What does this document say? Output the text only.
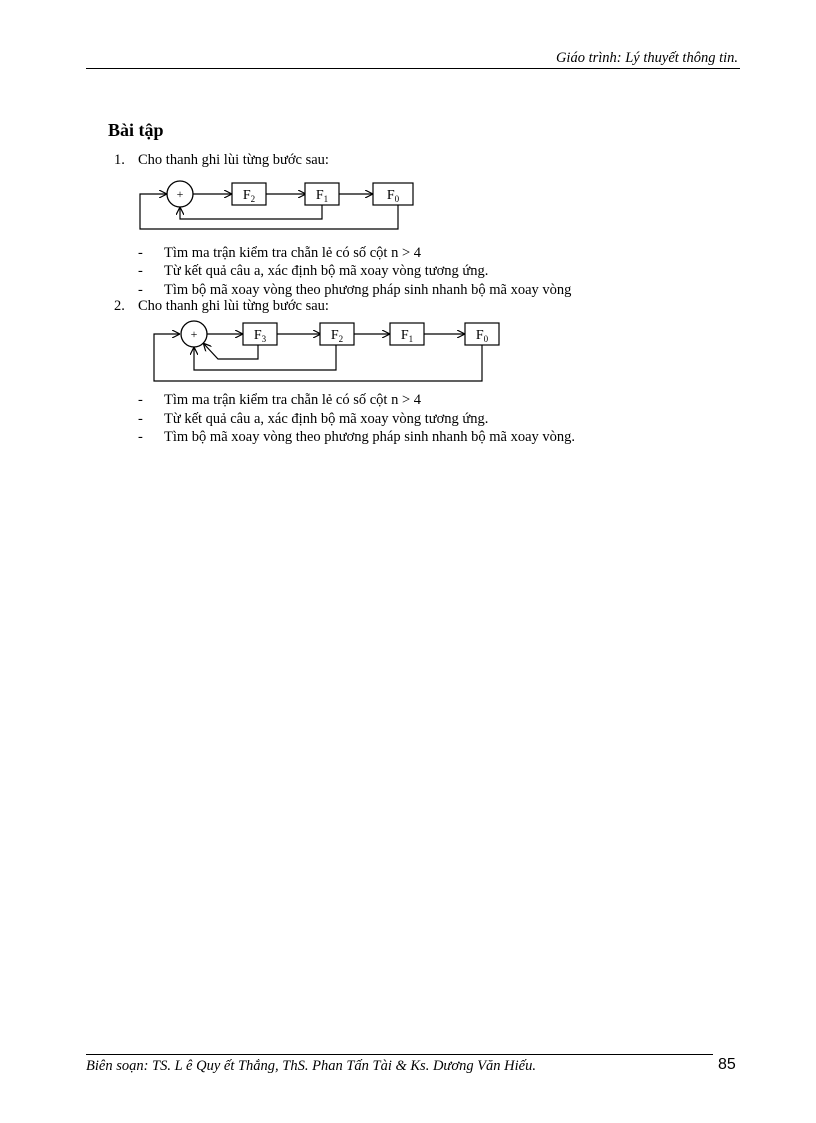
Giáo trình: Lý thuyết thông tin.
Bài tập
1. Cho thanh ghi lùi từng bước sau:
+	$F_2$	$F_1$	$F_0$
- Tìm ma trận kiểm tra chẵn lẻ có số cột n > 4
- Từ kết quả câu a, xác định bộ mã xoay vòng tương ứng.
- Tìm bộ mã xoay vòng theo phương pháp sinh nhanh bộ mã xoay vòng
2. Cho thanh ghi lùi từng bước sau:
+	$F_3$	$F_2$	$F_1$	$F_0$
- Tìm ma trận kiểm tra chẵn lẻ có số cột n > 4
- Từ kết quả câu a, xác định bộ mã xoay vòng tương ứng.
- Tìm bộ mã xoay vòng theo phương pháp sinh nhanh bộ mã xoay vòng.
Biên soạn: TS. L ê Quy ết Thắng, ThS. Phan Tấn Tài & Ks. Dương Văn Hiếu.	85
